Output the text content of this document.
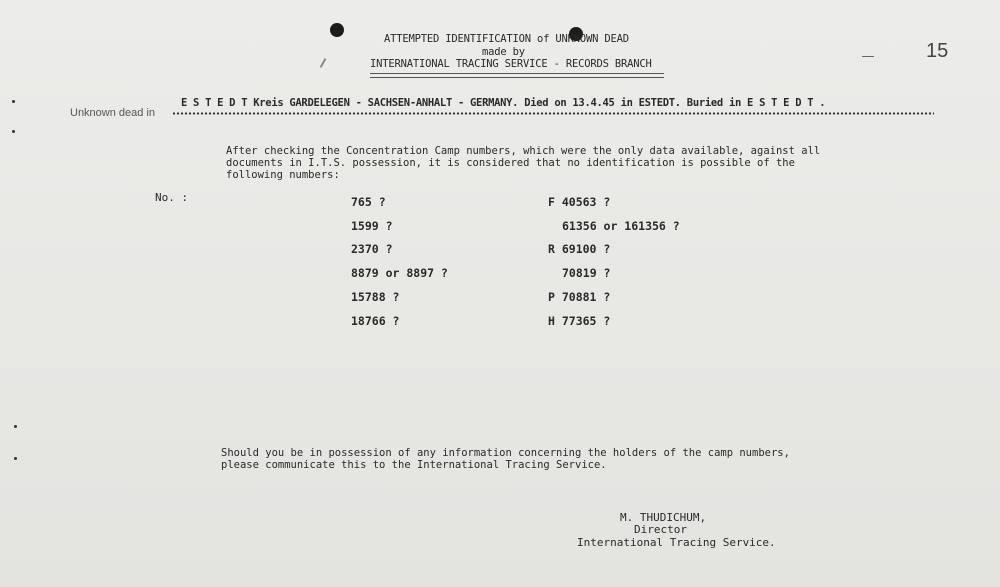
ATTEMPTED IDENTIFICATION of UNKNOWN DEAD
made by
INTERNATIONAL TRACING SERVICE - RECORDS BRANCH
15
Unknown dead in
E S T E D T Kreis GARDELEGEN - SACHSEN-ANHALT - GERMANY. Died on 13.4.45 in ESTEDT. Buried in E S T E D T .
After checking the Concentration Camp numbers, which were the only data available, against all
documents in I.T.S. possession, it is considered that no identification is possible of the
following numbers:
No. :	765 ?
1599 ?
2370 ?
8879 or 8897 ?
15788 ?
18766 ?
F 40563 ?
61356 or 161356 ?
R 69100 ?
70819 ?
P 70881 ?
H 77365 ?
Should you be in possession of any information concerning the holders of the camp numbers,
please communicate this to the International Tracing Service.
M. THUDICHUM,
Director
International Tracing Service.
